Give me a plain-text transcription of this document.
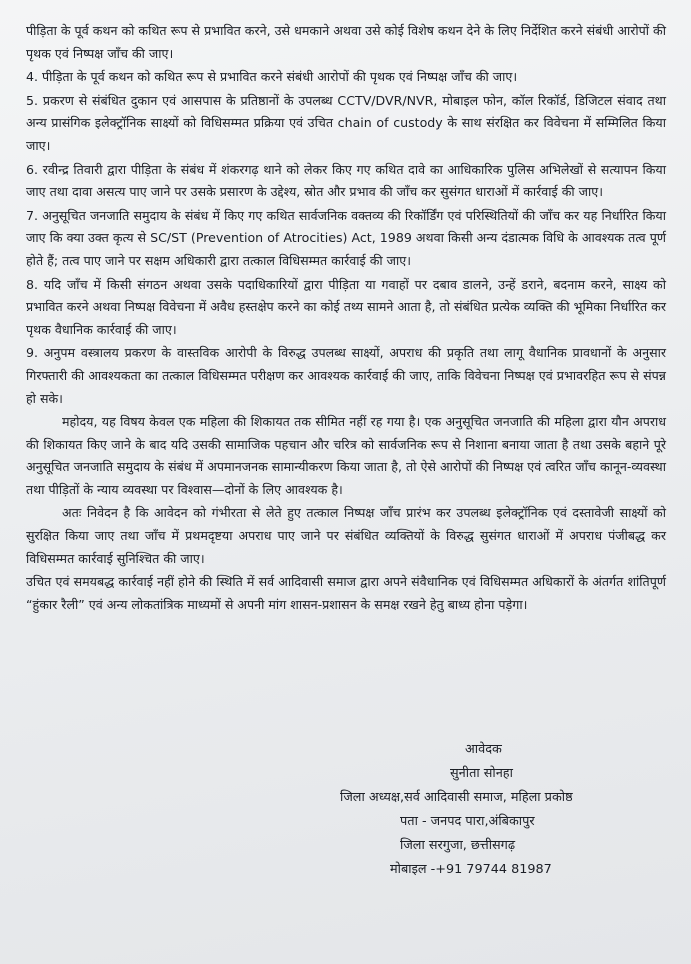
पीड़िता के पूर्व कथन को कथित रूप से प्रभावित करने, उसे धमकाने अथवा उसे कोई विशेष कथन देने के लिए निर्देशित करने संबंधी आरोपों की पृथक एवं निष्पक्ष जाँच की जाए।

4. पीड़िता के पूर्व कथन को कथित रूप से प्रभावित करने संबंधी आरोपों की पृथक एवं निष्पक्ष जाँच की जाए।

5. प्रकरण से संबंधित दुकान एवं आसपास के प्रतिष्ठानों के उपलब्ध CCTV/DVR/NVR, मोबाइल फोन, कॉल रिकॉर्ड, डिजिटल संवाद तथा अन्य प्रासंगिक इलेक्ट्रॉनिक साक्ष्यों को विधिसम्मत प्रक्रिया एवं उचित chain of custody के साथ संरक्षित कर विवेचना में सम्मिलित किया जाए।

6. रवीन्द्र तिवारी द्वारा पीड़िता के संबंध में शंकरगढ़ थाने को लेकर किए गए कथित दावे का आधिकारिक पुलिस अभिलेखों से सत्यापन किया जाए तथा दावा असत्य पाए जाने पर उसके प्रसारण के उद्देश्य, स्रोत और प्रभाव की जाँच कर सुसंगत धाराओं में कार्रवाई की जाए।

7. अनुसूचित जनजाति समुदाय के संबंध में किए गए कथित सार्वजनिक वक्तव्य की रिकॉर्डिंग एवं परिस्थितियों की जाँच कर यह निर्धारित किया जाए कि क्या उक्त कृत्य से SC/ST (Prevention of Atrocities) Act, 1989 अथवा किसी अन्य दंडात्मक विधि के आवश्यक तत्व पूर्ण होते हैं; तत्व पाए जाने पर सक्षम अधिकारी द्वारा तत्काल विधिसम्मत कार्रवाई की जाए।

8. यदि जाँच में किसी संगठन अथवा उसके पदाधिकारियों द्वारा पीड़िता या गवाहों पर दबाव डालने, उन्हें डराने, बदनाम करने, साक्ष्य को प्रभावित करने अथवा निष्पक्ष विवेचना में अवैध हस्तक्षेप करने का कोई तथ्य सामने आता है, तो संबंधित प्रत्येक व्यक्ति की भूमिका निर्धारित कर पृथक वैधानिक कार्रवाई की जाए।

9. अनुपम वस्त्रालय प्रकरण के वास्तविक आरोपी के विरुद्ध उपलब्ध साक्ष्यों, अपराध की प्रकृति तथा लागू वैधानिक प्रावधानों के अनुसार गिरफ्तारी की आवश्यकता का तत्काल विधिसम्मत परीक्षण कर आवश्यक कार्रवाई की जाए, ताकि विवेचना निष्पक्ष एवं प्रभावरहित रूप से संपन्न हो सके।

महोदय, यह विषय केवल एक महिला की शिकायत तक सीमित नहीं रह गया है। एक अनुसूचित जनजाति की महिला द्वारा यौन अपराध की शिकायत किए जाने के बाद यदि उसकी सामाजिक पहचान और चरित्र को सार्वजनिक रूप से निशाना बनाया जाता है तथा उसके बहाने पूरे अनुसूचित जनजाति समुदाय के संबंध में अपमानजनक सामान्यीकरण किया जाता है, तो ऐसे आरोपों की निष्पक्ष एवं त्वरित जाँच कानून-व्यवस्था तथा पीड़ितों के न्याय व्यवस्था पर विश्वास—दोनों के लिए आवश्यक है।

अतः निवेदन है कि आवेदन को गंभीरता से लेते हुए तत्काल निष्पक्ष जाँच प्रारंभ कर उपलब्ध इलेक्ट्रॉनिक एवं दस्तावेजी साक्ष्यों को सुरक्षित किया जाए तथा जाँच में प्रथमदृष्टया अपराध पाए जाने पर संबंधित व्यक्तियों के विरुद्ध सुसंगत धाराओं में अपराध पंजीबद्ध कर विधिसम्मत कार्रवाई सुनिश्चित की जाए।

उचित एवं समयबद्ध कार्रवाई नहीं होने की स्थिति में सर्व आदिवासी समाज द्वारा अपने संवैधानिक एवं विधिसम्मत अधिकारों के अंतर्गत शांतिपूर्ण “हुंकार रैली” एवं अन्य लोकतांत्रिक माध्यमों से अपनी मांग शासन-प्रशासन के समक्ष रखने हेतु बाध्य होना पड़ेगा।

आवेदक
सुनीता सोनहा
जिला अध्यक्ष,सर्व आदिवासी समाज, महिला प्रकोष्ठ
पता - जनपद पारा,अंबिकापुर
जिला सरगुजा, छत्तीसगढ़
मोबाइल -+91 79744 81987
